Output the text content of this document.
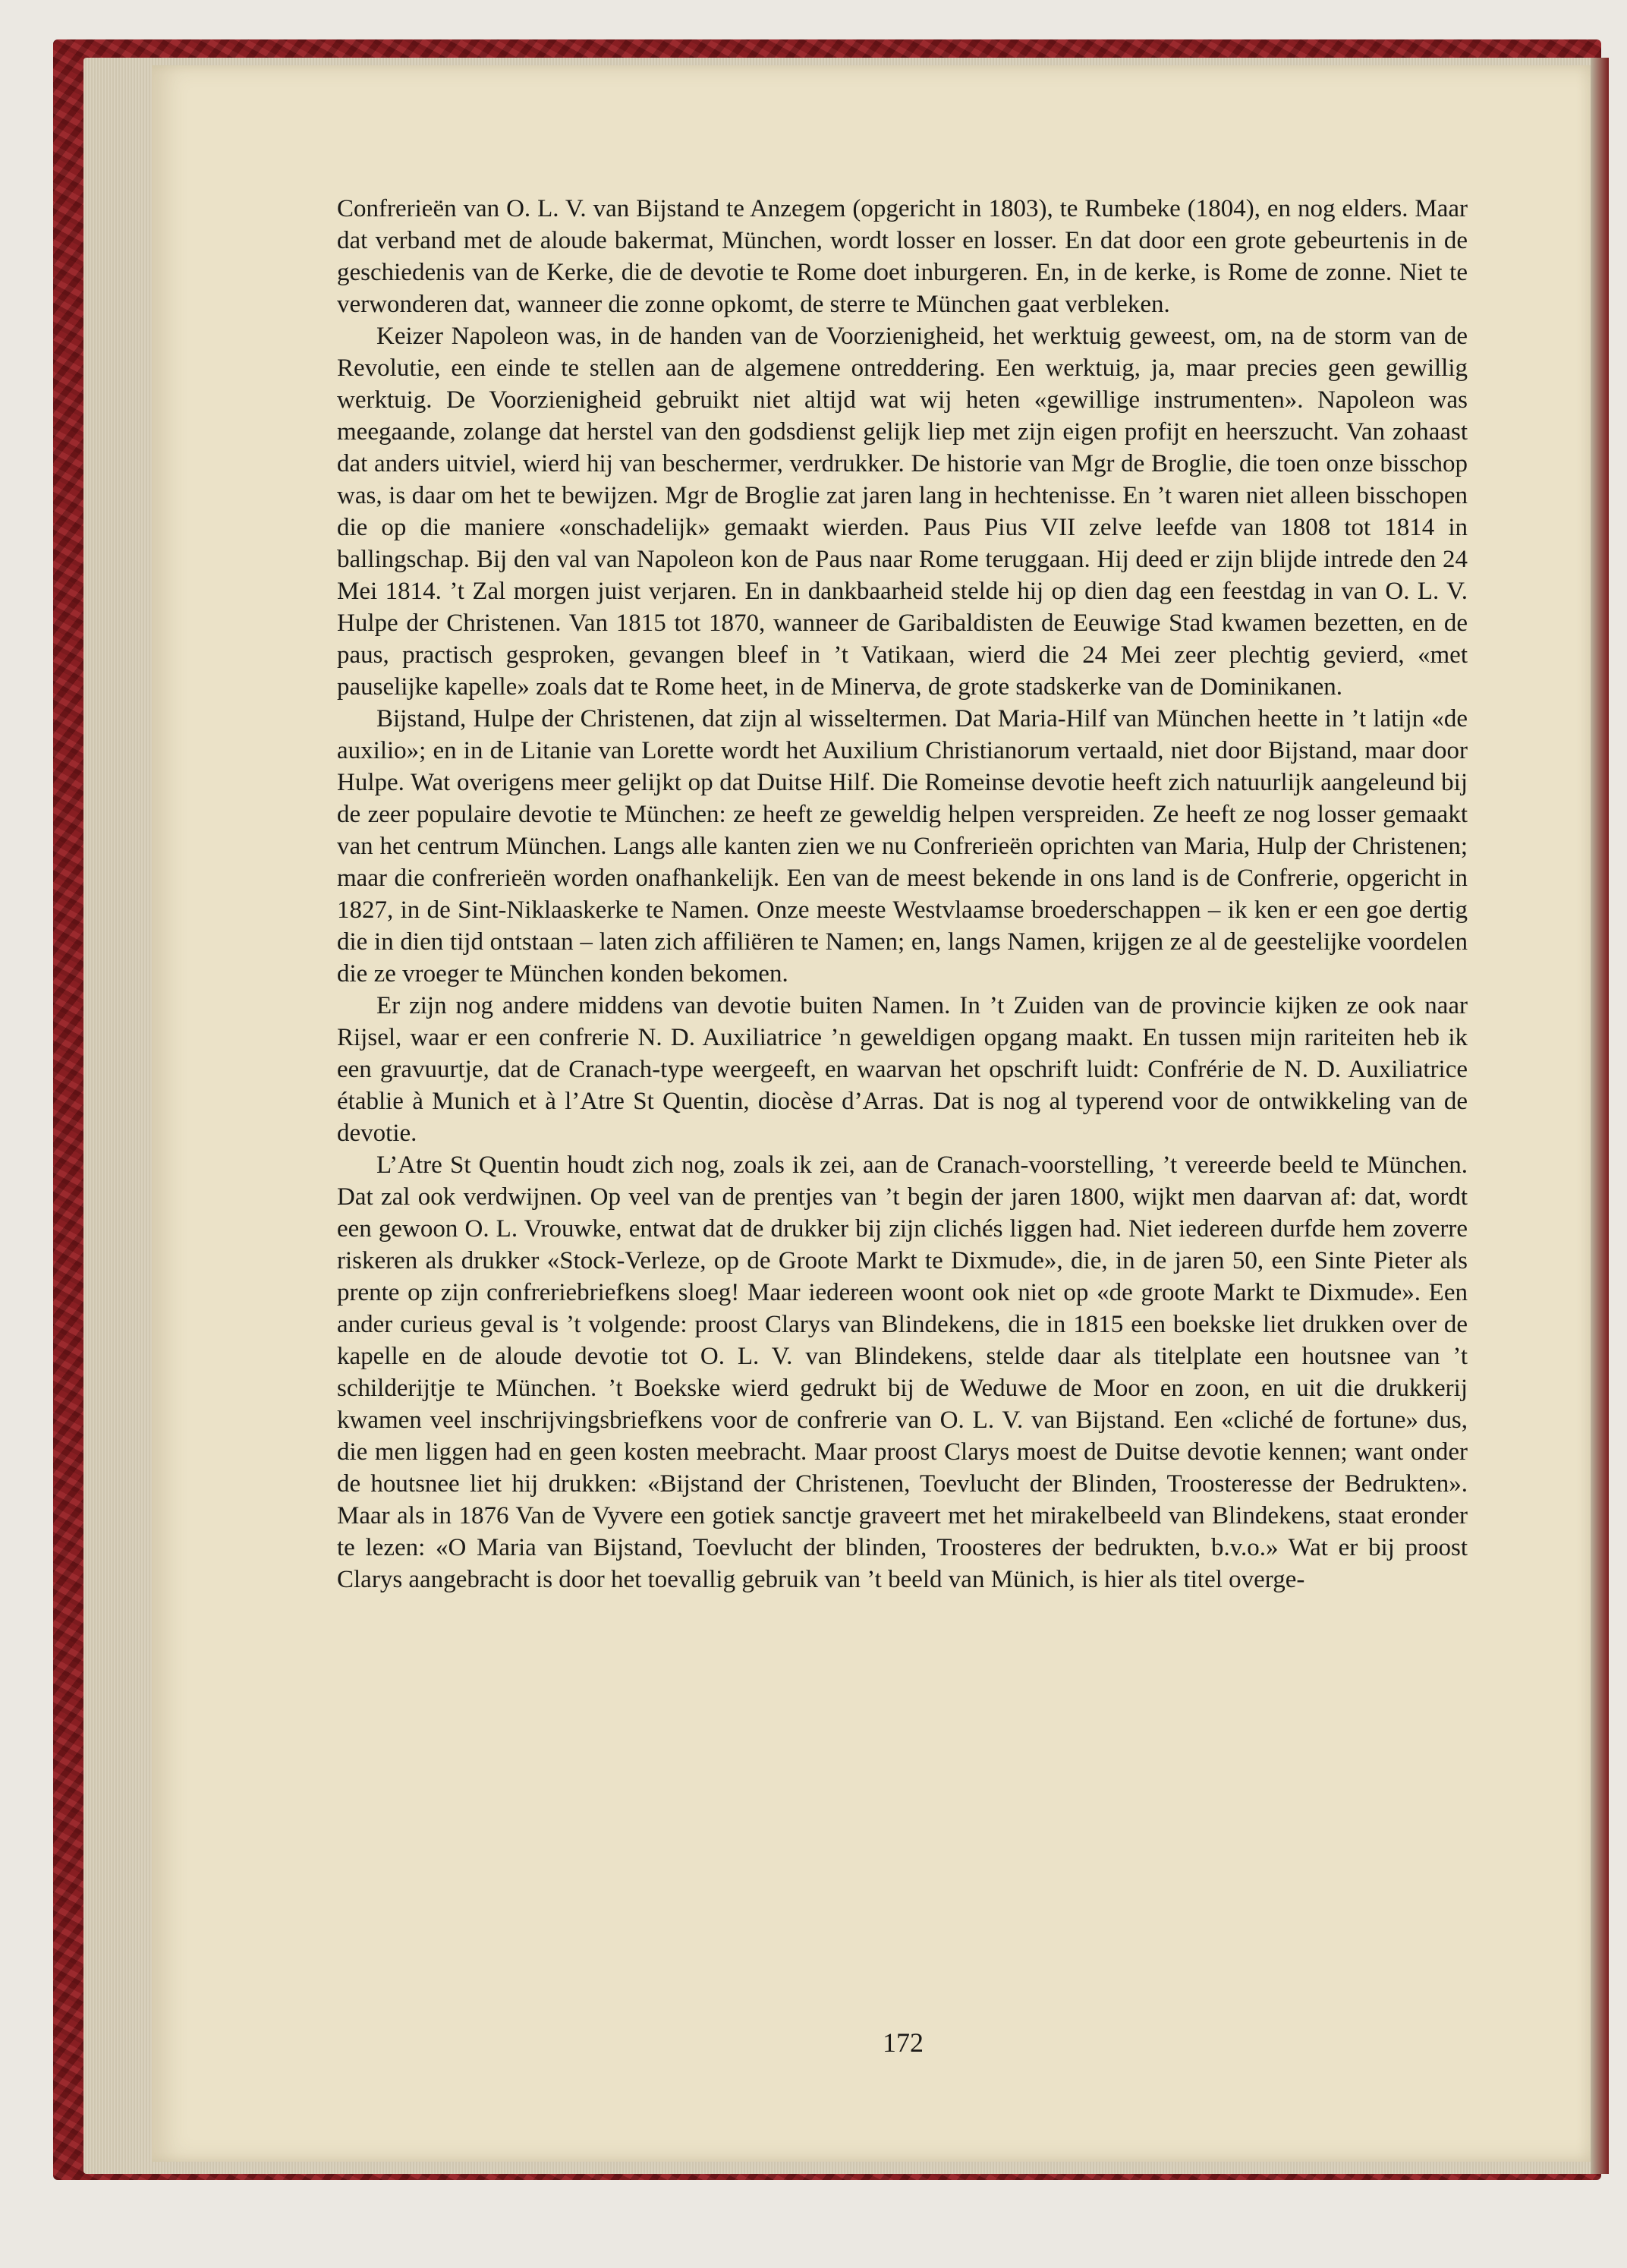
Confrerieën van O. L. V. van Bijstand te Anzegem (opgericht in 1803), te Rumbeke (1804), en nog elders. Maar dat verband met de aloude bakermat, München, wordt losser en losser. En dat door een grote gebeurtenis in de geschiedenis van de Kerke, die de devotie te Rome doet inburgeren. En, in de kerke, is Rome de zonne. Niet te verwonderen dat, wanneer die zonne opkomt, de sterre te München gaat verbleken.

Keizer Napoleon was, in de handen van de Voorzienigheid, het werktuig geweest, om, na de storm van de Revolutie, een einde te stellen aan de algemene ontreddering. Een werktuig, ja, maar precies geen gewillig werktuig. De Voorzienigheid gebruikt niet altijd wat wij heten «gewillige instrumenten». Napoleon was meegaande, zolange dat herstel van den godsdienst gelijk liep met zijn eigen profijt en heerszucht. Van zohaast dat anders uitviel, wierd hij van beschermer, verdrukker. De historie van Mgr de Broglie, die toen onze bisschop was, is daar om het te bewijzen. Mgr de Broglie zat jaren lang in hechtenisse. En ’t waren niet alleen bisschopen die op die maniere «onschadelijk» gemaakt wierden. Paus Pius VII zelve leefde van 1808 tot 1814 in ballingschap. Bij den val van Napoleon kon de Paus naar Rome teruggaan. Hij deed er zijn blijde intrede den 24 Mei 1814. ’t Zal morgen juist verjaren. En in dankbaarheid stelde hij op dien dag een feestdag in van O. L. V. Hulpe der Christenen. Van 1815 tot 1870, wanneer de Garibaldisten de Eeuwige Stad kwamen bezetten, en de paus, practisch gesproken, gevangen bleef in ’t Vatikaan, wierd die 24 Mei zeer plechtig gevierd, «met pauselijke kapelle» zoals dat te Rome heet, in de Minerva, de grote stadskerke van de Dominikanen.

Bijstand, Hulpe der Christenen, dat zijn al wisseltermen. Dat Maria-Hilf van München heette in ’t latijn «de auxilio»; en in de Litanie van Lorette wordt het Auxilium Christianorum vertaald, niet door Bijstand, maar door Hulpe. Wat overigens meer gelijkt op dat Duitse Hilf. Die Romeinse devotie heeft zich natuurlijk aangeleund bij de zeer populaire devotie te München: ze heeft ze geweldig helpen verspreiden. Ze heeft ze nog losser gemaakt van het centrum München. Langs alle kanten zien we nu Confrerieën oprichten van Maria, Hulp der Christenen; maar die confrerieën worden onafhankelijk. Een van de meest bekende in ons land is de Confrerie, opgericht in 1827, in de Sint-Niklaaskerke te Namen. Onze meeste Westvlaamse broederschappen – ik ken er een goe dertig die in dien tijd ontstaan – laten zich affiliëren te Namen; en, langs Namen, krijgen ze al de geestelijke voordelen die ze vroeger te München konden bekomen.

Er zijn nog andere middens van devotie buiten Namen. In ’t Zuiden van de provincie kijken ze ook naar Rijsel, waar er een confrerie N. D. Auxiliatrice ’n geweldigen opgang maakt. En tussen mijn rariteiten heb ik een gravuurtje, dat de Cranach-type weergeeft, en waarvan het opschrift luidt: Confrérie de N. D. Auxiliatrice établie à Munich et à l’Atre St Quentin, diocèse d’Arras. Dat is nog al typerend voor de ontwikkeling van de devotie.

L’Atre St Quentin houdt zich nog, zoals ik zei, aan de Cranach-voorstelling, ’t vereerde beeld te München. Dat zal ook verdwijnen. Op veel van de prentjes van ’t begin der jaren 1800, wijkt men daarvan af: dat, wordt een gewoon O. L. Vrouwke, entwat dat de drukker bij zijn clichés liggen had. Niet iedereen durfde hem zoverre riskeren als drukker «Stock-Verleze, op de Groote Markt te Dixmude», die, in de jaren 50, een Sinte Pieter als prente op zijn confreriebriefkens sloeg! Maar iedereen woont ook niet op «de groote Markt te Dixmude». Een ander curieus geval is ’t volgende: proost Clarys van Blindekens, die in 1815 een boekske liet drukken over de kapelle en de aloude devotie tot O. L. V. van Blindekens, stelde daar als titelplate een houtsnee van ’t schilderijtje te München. ’t Boekske wierd gedrukt bij de Weduwe de Moor en zoon, en uit die drukkerij kwamen veel inschrijvingsbriefkens voor de confrerie van O. L. V. van Bijstand. Een «cliché de fortune» dus, die men liggen had en geen kosten meebracht. Maar proost Clarys moest de Duitse devotie kennen; want onder de houtsnee liet hij drukken: «Bijstand der Christenen, Toevlucht der Blinden, Troosteresse der Bedrukten». Maar als in 1876 Van de Vyvere een gotiek sanctje graveert met het mirakelbeeld van Blindekens, staat eronder te lezen: «O Maria van Bijstand, Toevlucht der blinden, Troosteres der bedrukten, b.v.o.» Wat er bij proost Clarys aangebracht is door het toevallig gebruik van ’t beeld van Münich, is hier als titel overge-

172
